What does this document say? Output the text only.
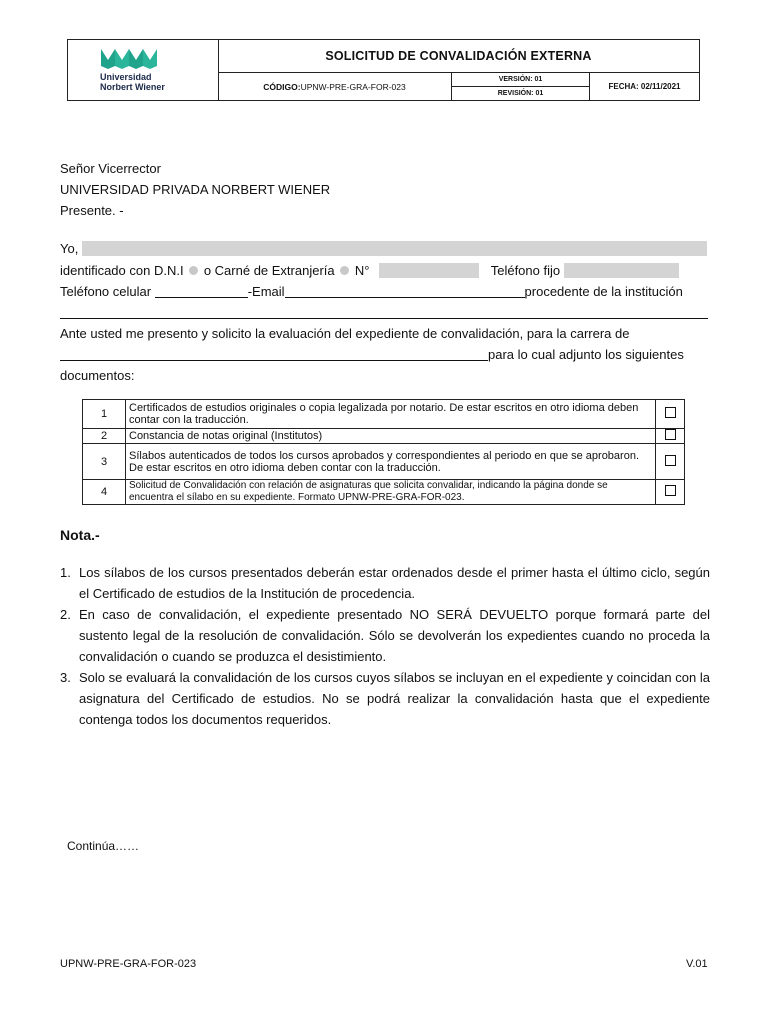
Universidad
Norbert Wiener
SOLICITUD DE CONVALIDACIÓN EXTERNA
CÓDIGO: UPNW-PRE-GRA-FOR-023
VERSIÓN: 01
REVISIÓN: 01
FECHA: 02/11/2021
Señor Vicerrector
UNIVERSIDAD PRIVADA NORBERT WIENER
Presente. -
Yo,
identificado con D.N.I o Carné de Extranjería N°	Teléfono fijo
Teléfono celular	-Email	procedente de la institución
Ante usted me presento y solicito la evaluación del expediente de convalidación, para la carrera de
para lo cual adjunto los siguientes
documentos:
1	Certificados de estudios originales o copia legalizada por notario. De estar escritos en otro idioma deben contar con la traducción.	
2	Constancia de notas original (Institutos)	
3	Sílabos autenticados de todos los cursos aprobados y correspondientes al periodo en que se aprobaron. De estar escritos en otro idioma deben contar con la traducción.	
4	Solicitud de Convalidación con relación de asignaturas que solicita convalidar, indicando la página donde se encuentra el sílabo en su expediente. Formato UPNW-PRE-GRA-FOR-023.	
Nota.-
1. Los sílabos de los cursos presentados deberán estar ordenados desde el primer hasta el último ciclo, según el Certificado de estudios de la Institución de procedencia.
2. En caso de convalidación, el expediente presentado NO SERÁ DEVUELTO porque formará parte del sustento legal de la resolución de convalidación. Sólo se devolverán los expedientes cuando no proceda la convalidación o cuando se produzca el desistimiento.
3. Solo se evaluará la convalidación de los cursos cuyos sílabos se incluyan en el expediente y coincidan con la asignatura del Certificado de estudios. No se podrá realizar la convalidación hasta que el expediente contenga todos los documentos requeridos.
Continúa……
UPNW-PRE-GRA-FOR-023	V.01
